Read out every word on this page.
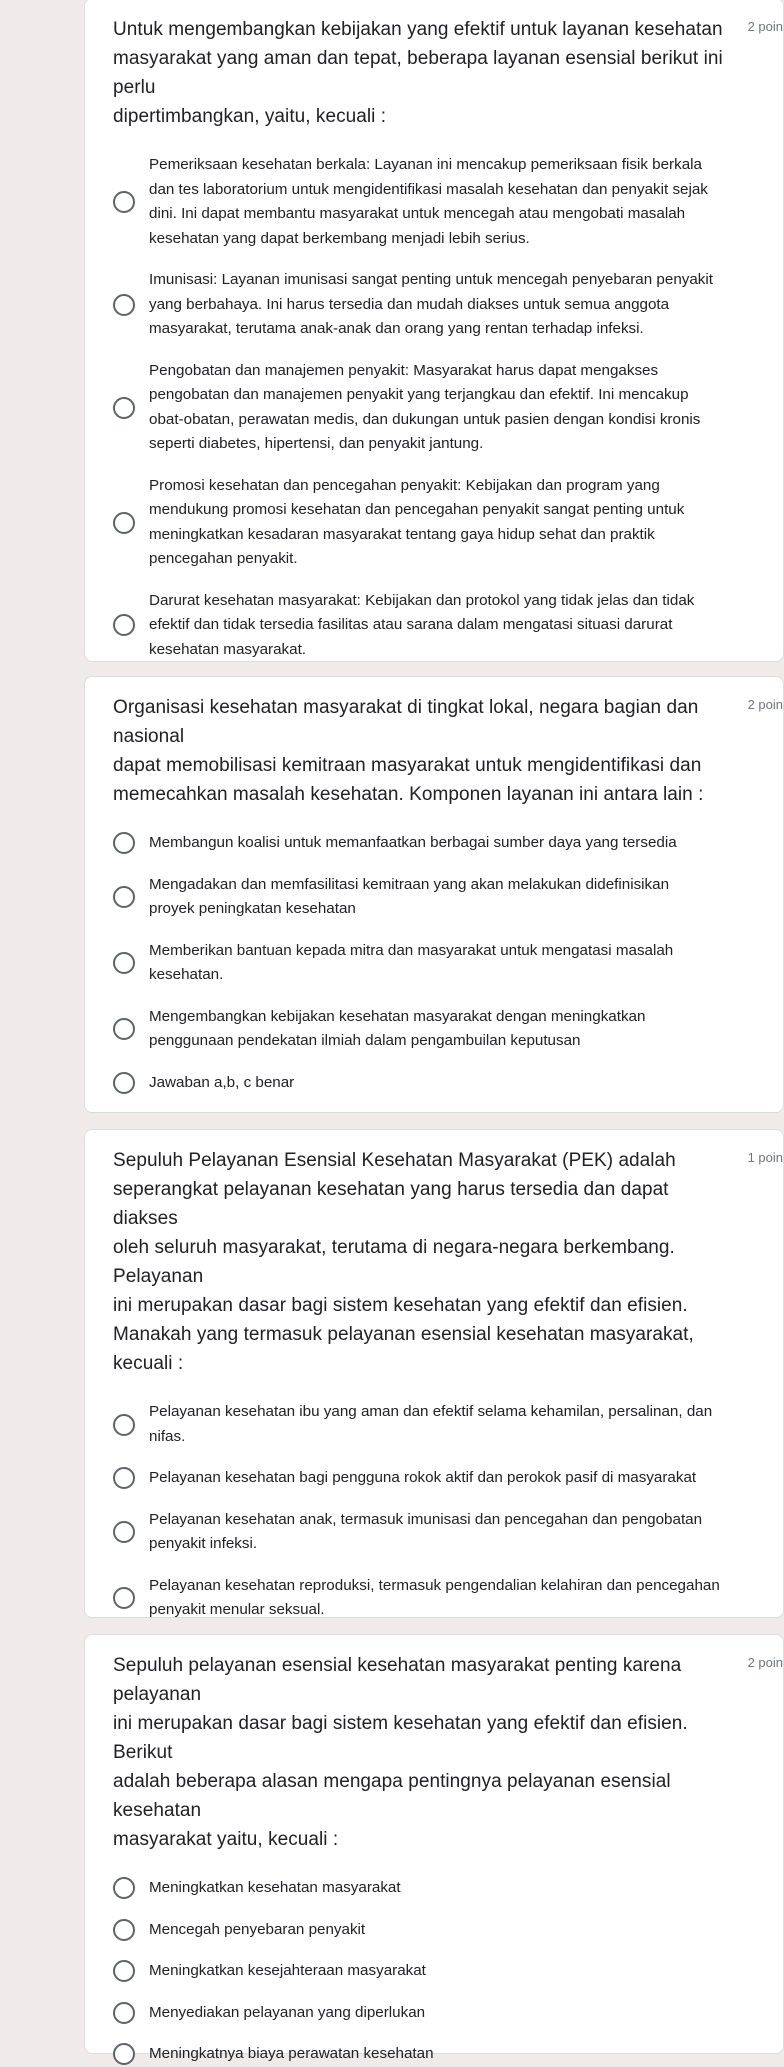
Untuk mengembangkan kebijakan yang efektif untuk layanan kesehatan
masyarakat yang aman dan tepat, beberapa layanan esensial berikut ini perlu
dipertimbangkan, yaitu, kecuali :

2 poin
Pemeriksaan kesehatan berkala: Layanan ini mencakup pemeriksaan fisik berkala
dan tes laboratorium untuk mengidentifikasi masalah kesehatan dan penyakit sejak
dini. Ini dapat membantu masyarakat untuk mencegah atau mengobati masalah
kesehatan yang dapat berkembang menjadi lebih serius.
Imunisasi: Layanan imunisasi sangat penting untuk mencegah penyebaran penyakit
yang berbahaya. Ini harus tersedia dan mudah diakses untuk semua anggota
masyarakat, terutama anak-anak dan orang yang rentan terhadap infeksi.
Pengobatan dan manajemen penyakit: Masyarakat harus dapat mengakses
pengobatan dan manajemen penyakit yang terjangkau dan efektif. Ini mencakup
obat-obatan, perawatan medis, dan dukungan untuk pasien dengan kondisi kronis
seperti diabetes, hipertensi, dan penyakit jantung.
Promosi kesehatan dan pencegahan penyakit: Kebijakan dan program yang
mendukung promosi kesehatan dan pencegahan penyakit sangat penting untuk
meningkatkan kesadaran masyarakat tentang gaya hidup sehat dan praktik
pencegahan penyakit.
Darurat kesehatan masyarakat: Kebijakan dan protokol yang tidak jelas dan tidak
efektif dan tidak tersedia fasilitas atau sarana dalam mengatasi situasi darurat
kesehatan masyarakat.

Organisasi kesehatan masyarakat di tingkat lokal, negara bagian dan nasional
dapat memobilisasi kemitraan masyarakat untuk mengidentifikasi dan
memecahkan masalah kesehatan. Komponen layanan ini antara lain :

2 poin
Membangun koalisi untuk memanfaatkan berbagai sumber daya yang tersedia
Mengadakan dan memfasilitasi kemitraan yang akan melakukan didefinisikan
proyek peningkatan kesehatan
Memberikan bantuan kepada mitra dan masyarakat untuk mengatasi masalah
kesehatan.
Mengembangkan kebijakan kesehatan masyarakat dengan meningkatkan
penggunaan pendekatan ilmiah dalam pengambuilan keputusan
Jawaban a,b, c benar

Sepuluh Pelayanan Esensial Kesehatan Masyarakat (PEK) adalah
seperangkat pelayanan kesehatan yang harus tersedia dan dapat diakses
oleh seluruh masyarakat, terutama di negara-negara berkembang. Pelayanan
ini merupakan dasar bagi sistem kesehatan yang efektif dan efisien.
Manakah yang termasuk pelayanan esensial kesehatan masyarakat, kecuali :

1 poin
Pelayanan kesehatan ibu yang aman dan efektif selama kehamilan, persalinan, dan
nifas.
Pelayanan kesehatan bagi pengguna rokok aktif dan perokok pasif di masyarakat
Pelayanan kesehatan anak, termasuk imunisasi dan pencegahan dan pengobatan
penyakit infeksi.
Pelayanan kesehatan reproduksi, termasuk pengendalian kelahiran dan pencegahan
penyakit menular seksual.

Sepuluh pelayanan esensial kesehatan masyarakat penting karena pelayanan
ini merupakan dasar bagi sistem kesehatan yang efektif dan efisien. Berikut
adalah beberapa alasan mengapa pentingnya pelayanan esensial kesehatan
masyarakat yaitu, kecuali :

2 poin
Meningkatkan kesehatan masyarakat
Mencegah penyebaran penyakit
Meningkatkan kesejahteraan masyarakat
Menyediakan pelayanan yang diperlukan
Meningkatnya biaya perawatan kesehatan
